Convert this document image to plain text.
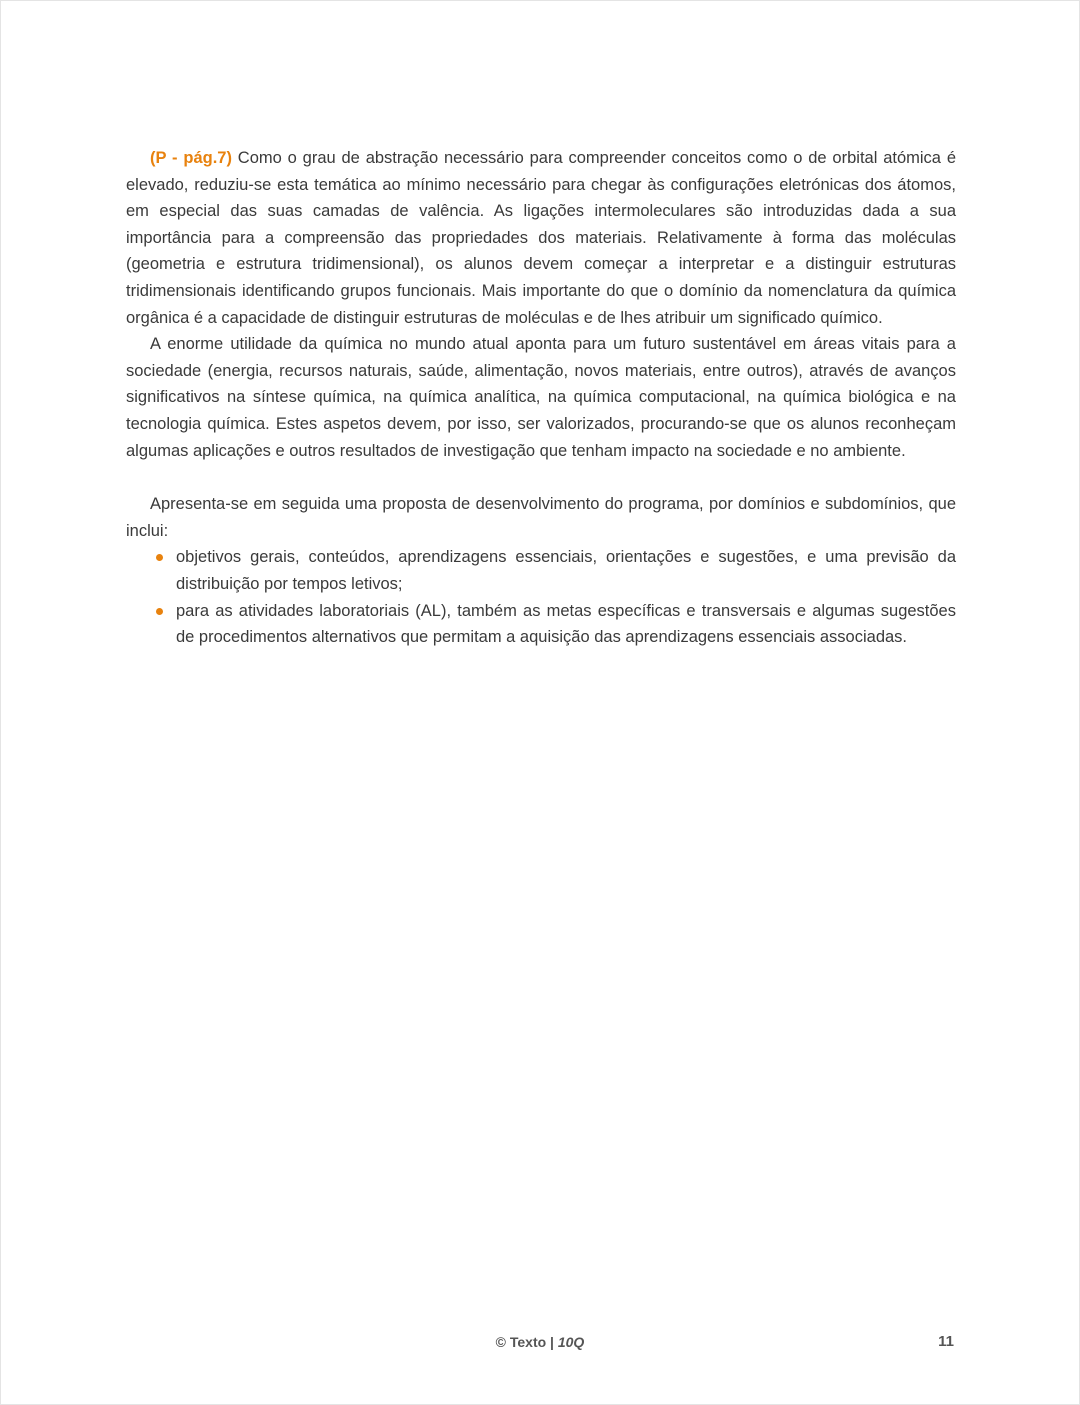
(P - pág.7) Como o grau de abstração necessário para compreender conceitos como o de orbital atómica é elevado, reduziu-se esta temática ao mínimo necessário para chegar às configurações eletrónicas dos átomos, em especial das suas camadas de valência. As ligações intermoleculares são introduzidas dada a sua importância para a compreensão das propriedades dos materiais. Relativamente à forma das moléculas (geometria e estrutura tridimensional), os alunos devem começar a interpretar e a distinguir estruturas tridimensionais identificando grupos funcionais. Mais importante do que o domínio da nomenclatura da química orgânica é a capacidade de distinguir estruturas de moléculas e de lhes atribuir um significado químico.

A enorme utilidade da química no mundo atual aponta para um futuro sustentável em áreas vitais para a sociedade (energia, recursos naturais, saúde, alimentação, novos materiais, entre outros), através de avanços significativos na síntese química, na química analítica, na química computacional, na química biológica e na tecnologia química. Estes aspetos devem, por isso, ser valorizados, procurando-se que os alunos reconheçam algumas aplicações e outros resultados de investigação que tenham impacto na sociedade e no ambiente.

Apresenta-se em seguida uma proposta de desenvolvimento do programa, por domínios e subdomínios, que inclui:

objetivos gerais, conteúdos, aprendizagens essenciais, orientações e sugestões, e uma previsão da distribuição por tempos letivos;
para as atividades laboratoriais (AL), também as metas específicas e transversais e algumas sugestões de procedimentos alternativos que permitam a aquisição das aprendizagens essenciais associadas.
© Texto | 10Q	11
